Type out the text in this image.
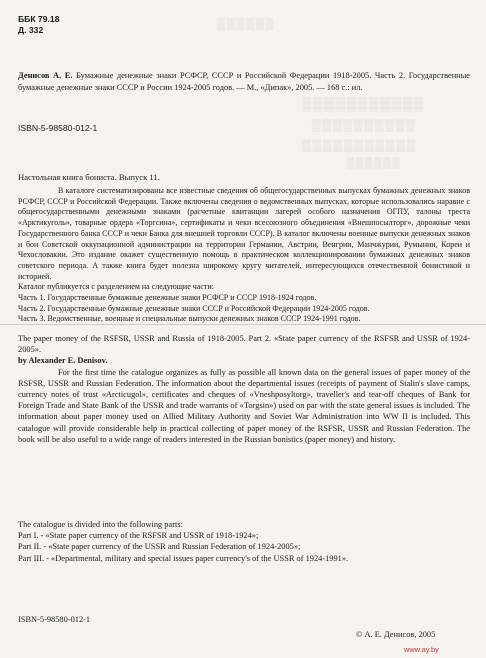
▒▒▒▒▒▒
▒▒▒▒▒▒▒▒▒▒▒
▒▒▒▒▒▒▒▒▒▒
▒▒▒▒▒▒▒▒▒▒▒
▒▒▒▒▒▒
ББК 79.18
Д. 332
Денисов А. Е. Бумажные денежные знаки РСФСР, СССР и Российской Федерации 1918-2005. Часть 2. Государственные бумажные денежные знаки СССР и России 1924-2005 годов. — М., «Дипак», 2005. — 168 с.: ил.
ISBN-5-98580-012-1
Настольная книга бониста. Выпуск 11.

В каталоге систематизированы все известные сведения об общегосударственных выпусках бумажных денежных знаков РСФСР, СССР и Российской Федерации. Также включены сведения о ведомственных выпусках, которые использовались наравне с общегосударственными денежными знаками (расчетные квитанции лагерей особого назначения ОГПУ, талоны треста «Арктикуголь», товарные ордера «Торгсина», сертификаты и чеки всесоюзного объединения «Внешпосылторг», дорожные чеки Государственного банка СССР и чеки Банка для внешней торговли СССР). В каталог включены военные выпуски денежных знаков и бон Советской оккупационной администрации на территории Германии, Австрии, Венгрии, Манчжурии, Румынии, Кореи и Чехословакии. Это издание окажет существенную помощь в практическом коллекционировании бумажных денежных знаков советского периода. А также книга будет полезна широкому кругу читателей, интересующихся отечественной бонистикой и историей.

Каталог публикуется с разделением на следующие части:

Часть 1. Государственные бумажные денежные знаки РСФСР и СССР 1918-1924 годов.

Часть 2. Государственные бумажные денежные знаки СССР и Российской Федерации 1924-2005 годов.

Часть 3. Ведомственные, военные и специальные выпуски денежных знаков СССР 1924-1991 годов.

The paper money of the RSFSR, USSR and Russia of 1918-2005. Part 2. «State paper currency of the RSFSR and USSR of 1924-2005».

by Alexander E. Denisov.

For the first time the catalogue organizes as fully as possible all known data on the general issues of paper money of the RSFSR, USSR and Russian Federation. The information about the departmental issues (receipts of payment of Stalin's slave camps, currency notes of trust «Arcticugol», certificates and cheques of «Vneshposyltorg», traveller's and tear-off cheques of Bank for Foreign Trade and State Bank of the USSR and trade warrants of «Torgsin») used on par with the state general issues is included. The information about paper money used on Allied Military Authority and Soviet War Administration into WW II is included. This catalogue will provide considerable help in practical collecting of paper money of the RSFSR, USSR and Russian Federation. The book will be also useful to a wide range of readers interested in the Russian bonistics (paper money) and history.

The catalogue is divided into the following parts:

Part I. - «State paper currency of the RSFSR and USSR of 1918-1924»;

Part II. - «State paper currency of the USSR and Russian Federation of 1924-2005»;

Part III. - «Departmental, military and special issues paper currency's of the USSR of 1924-1991».

ISBN-5-98580-012-1
© А. Е. Денисов, 2005
www.ay.by
